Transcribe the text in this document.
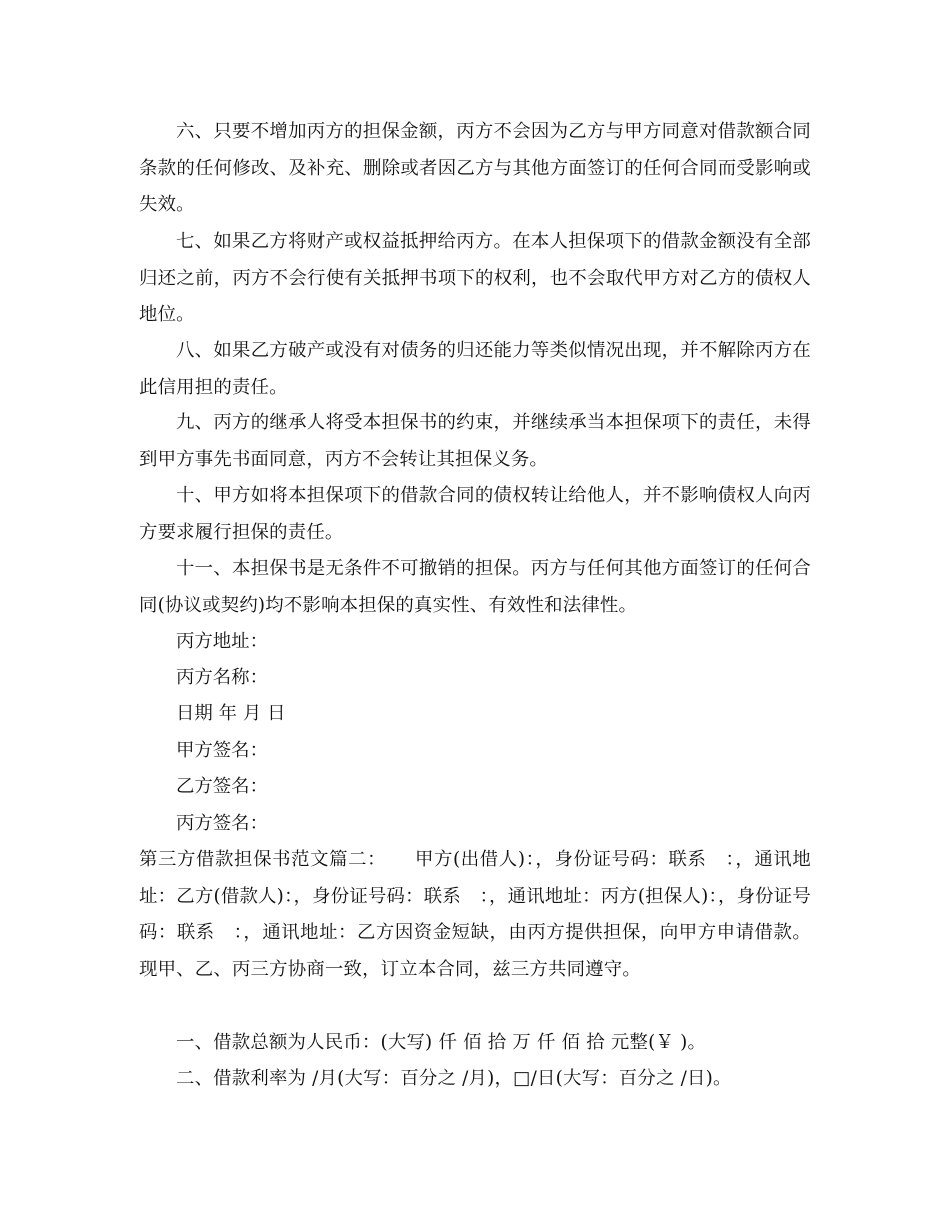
六、只要不增加丙方的担保金额，丙方不会因为乙方与甲方同意对借款额合同条款的任何修改、及补充、删除或者因乙方与其他方面签订的任何合同而受影响或失效。

七、如果乙方将财产或权益抵押给丙方。在本人担保项下的借款金额没有全部归还之前，丙方不会行使有关抵押书项下的权利，也不会取代甲方对乙方的债权人地位。

八、如果乙方破产或没有对债务的归还能力等类似情况出现，并不解除丙方在此信用担的责任。

九、丙方的继承人将受本担保书的约束，并继续承当本担保项下的责任，未得到甲方事先书面同意，丙方不会转让其担保义务。

十、甲方如将本担保项下的借款合同的债权转让给他人，并不影响债权人向丙方要求履行担保的责任。

十一、本担保书是无条件不可撤销的担保。丙方与任何其他方面签订的任何合同(协议或契约)均不影响本担保的真实性、有效性和法律性。

丙方地址：

丙方名称：

日期 年 月 日

甲方签名：

乙方签名：

丙方签名：

第三方借款担保书范文篇二：　　甲方(出借人)：，身份证号码：联系　：，通讯地址：乙方(借款人)：，身份证号码：联系　：，通讯地址：丙方(担保人)：，身份证号码：联系　：，通讯地址：乙方因资金短缺，由丙方提供担保，向甲方申请借款。现甲、乙、丙三方协商一致，订立本合同，兹三方共同遵守。

一、借款总额为人民币：(大写) 仟 佰 拾 万 仟 佰 拾 元整(￥ )。

二、借款利率为 /月(大写：百分之 /月)，□/日(大写：百分之 /日)。
